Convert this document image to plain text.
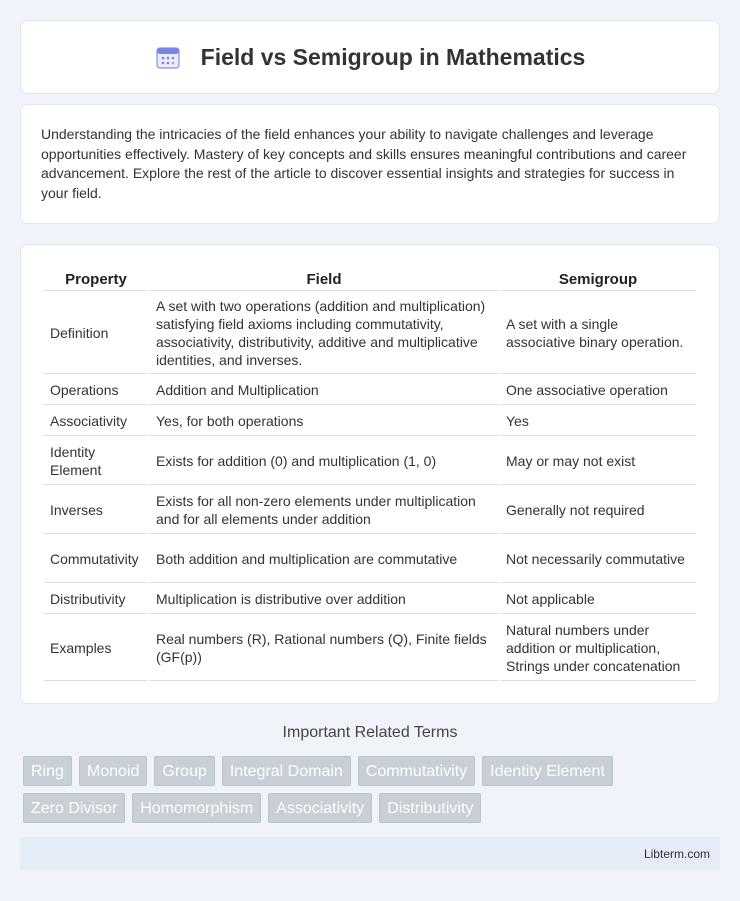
Field vs Semigroup in Mathematics

Understanding the intricacies of the field enhances your ability to navigate challenges and leverage opportunities effectively. Mastery of key concepts and skills ensures meaningful contributions and career advancement. Explore the rest of the article to discover essential insights and strategies for success in your field.

Property	Field	Semigroup
Definition	A set with two operations (addition and multiplication) satisfying field axioms including commutativity, associativity, distributivity, additive and multiplicative identities, and inverses.	A set with a single associative binary operation.
Operations	Addition and Multiplication	One associative operation
Associativity	Yes, for both operations	Yes
Identity Element	Exists for addition (0) and multiplication (1, 0)	May or may not exist
Inverses	Exists for all non-zero elements under multiplication and for all elements under addition	Generally not required
Commutativity	Both addition and multiplication are commutative	Not necessarily commutative
Distributivity	Multiplication is distributive over addition	Not applicable
Examples	Real numbers (R), Rational numbers (Q), Finite fields (GF(p))	Natural numbers under addition or multiplication, Strings under concatenation
Important Related Terms
Ring	Monoid	Group	Integral Domain	Commutativity	Identity Element
Zero Divisor	Homomorphism	Associativity	Distributivity
Libterm.com
